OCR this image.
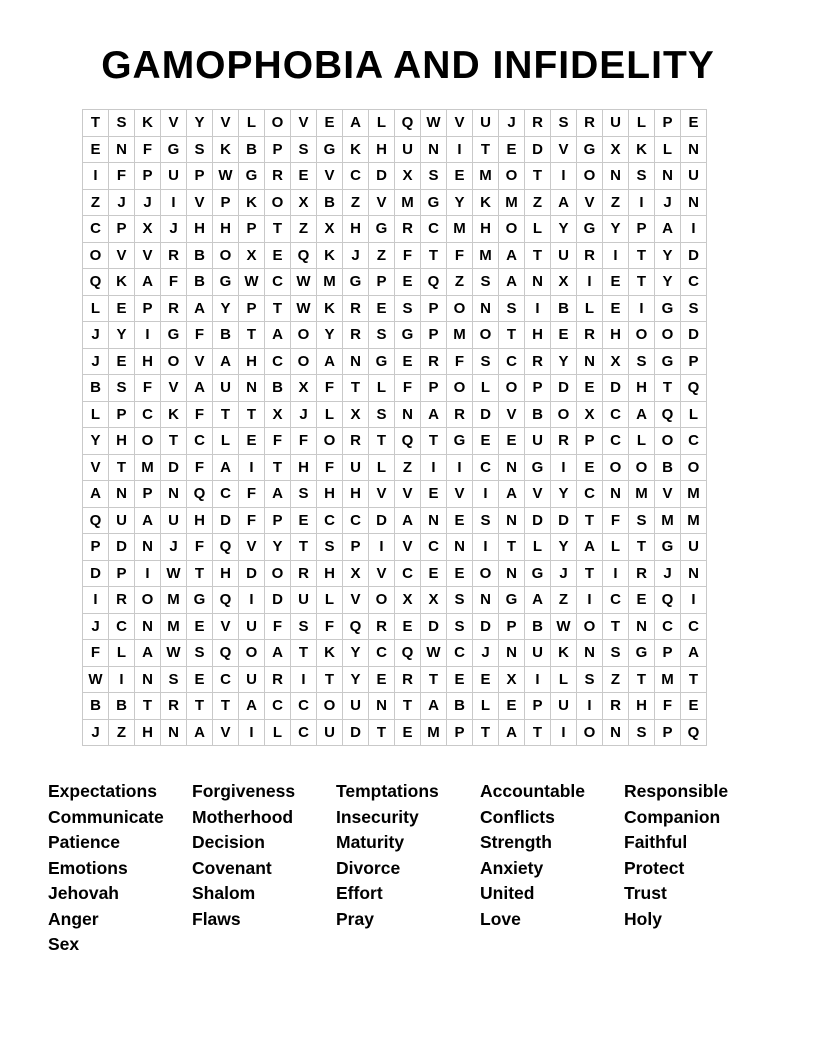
GAMOPHOBIA AND INFIDELITY
T	S	K	V	Y	V	L	O	V	E	A	L	Q	W	V	U	J	R	S	R	U	L	P	E
E	N	F	G	S	K	B	P	S	G	K	H	U	N	I	T	E	D	V	G	X	K	L	N
I	F	P	U	P	W	G	R	E	V	C	D	X	S	E	M	O	T	I	O	N	S	N	U
Z	J	J	I	V	P	K	O	X	B	Z	V	M	G	Y	K	M	Z	A	V	Z	I	J	N
C	P	X	J	H	H	P	T	Z	X	H	G	R	C	M	H	O	L	Y	G	Y	P	A	I
O	V	V	R	B	O	X	E	Q	K	J	Z	F	T	F	M	A	T	U	R	I	T	Y	D
Q	K	A	F	B	G	W	C	W	M	G	P	E	Q	Z	S	A	N	X	I	E	T	Y	C
L	E	P	R	A	Y	P	T	W	K	R	E	S	P	O	N	S	I	B	L	E	I	G	S
J	Y	I	G	F	B	T	A	O	Y	R	S	G	P	M	O	T	H	E	R	H	O	O	D
J	E	H	O	V	A	H	C	O	A	N	G	E	R	F	S	C	R	Y	N	X	S	G	P
B	S	F	V	A	U	N	B	X	F	T	L	F	P	O	L	O	P	D	E	D	H	T	Q
L	P	C	K	F	T	T	X	J	L	X	S	N	A	R	D	V	B	O	X	C	A	Q	L
Y	H	O	T	C	L	E	F	F	O	R	T	Q	T	G	E	E	U	R	P	C	L	O	C
V	T	M	D	F	A	I	T	H	F	U	L	Z	I	I	C	N	G	I	E	O	O	B	O
A	N	P	N	Q	C	F	A	S	H	H	V	V	E	V	I	A	V	Y	C	N	M	V	M
Q	U	A	U	H	D	F	P	E	C	C	D	A	N	E	S	N	D	D	T	F	S	M	M
P	D	N	J	F	Q	V	Y	T	S	P	I	V	C	N	I	T	L	Y	A	L	T	G	U
D	P	I	W	T	H	D	O	R	H	X	V	C	E	E	O	N	G	J	T	I	R	J	N
I	R	O	M	G	Q	I	D	U	L	V	O	X	X	S	N	G	A	Z	I	C	E	Q	I
J	C	N	M	E	V	U	F	S	F	Q	R	E	D	S	D	P	B	W	O	T	N	C	C
F	L	A	W	S	Q	O	A	T	K	Y	C	Q	W	C	J	N	U	K	N	S	G	P	A
W	I	N	S	E	C	U	R	I	T	Y	E	R	T	E	E	X	I	L	S	Z	T	M	T
B	B	T	R	T	T	A	C	C	O	U	N	T	A	B	L	E	P	U	I	R	H	F	E
J	Z	H	N	A	V	I	L	C	U	D	T	E	M	P	T	A	T	I	O	N	S	P	Q
Expectations	Forgiveness	Temptations	Accountable	Responsible
Communicate	Motherhood	Insecurity	Conflicts	Companion
Patience	Decision	Maturity	Strength	Faithful
Emotions	Covenant	Divorce	Anxiety	Protect
Jehovah	Shalom	Effort	United	Trust
Anger	Flaws	Pray	Love	Holy
Sex
